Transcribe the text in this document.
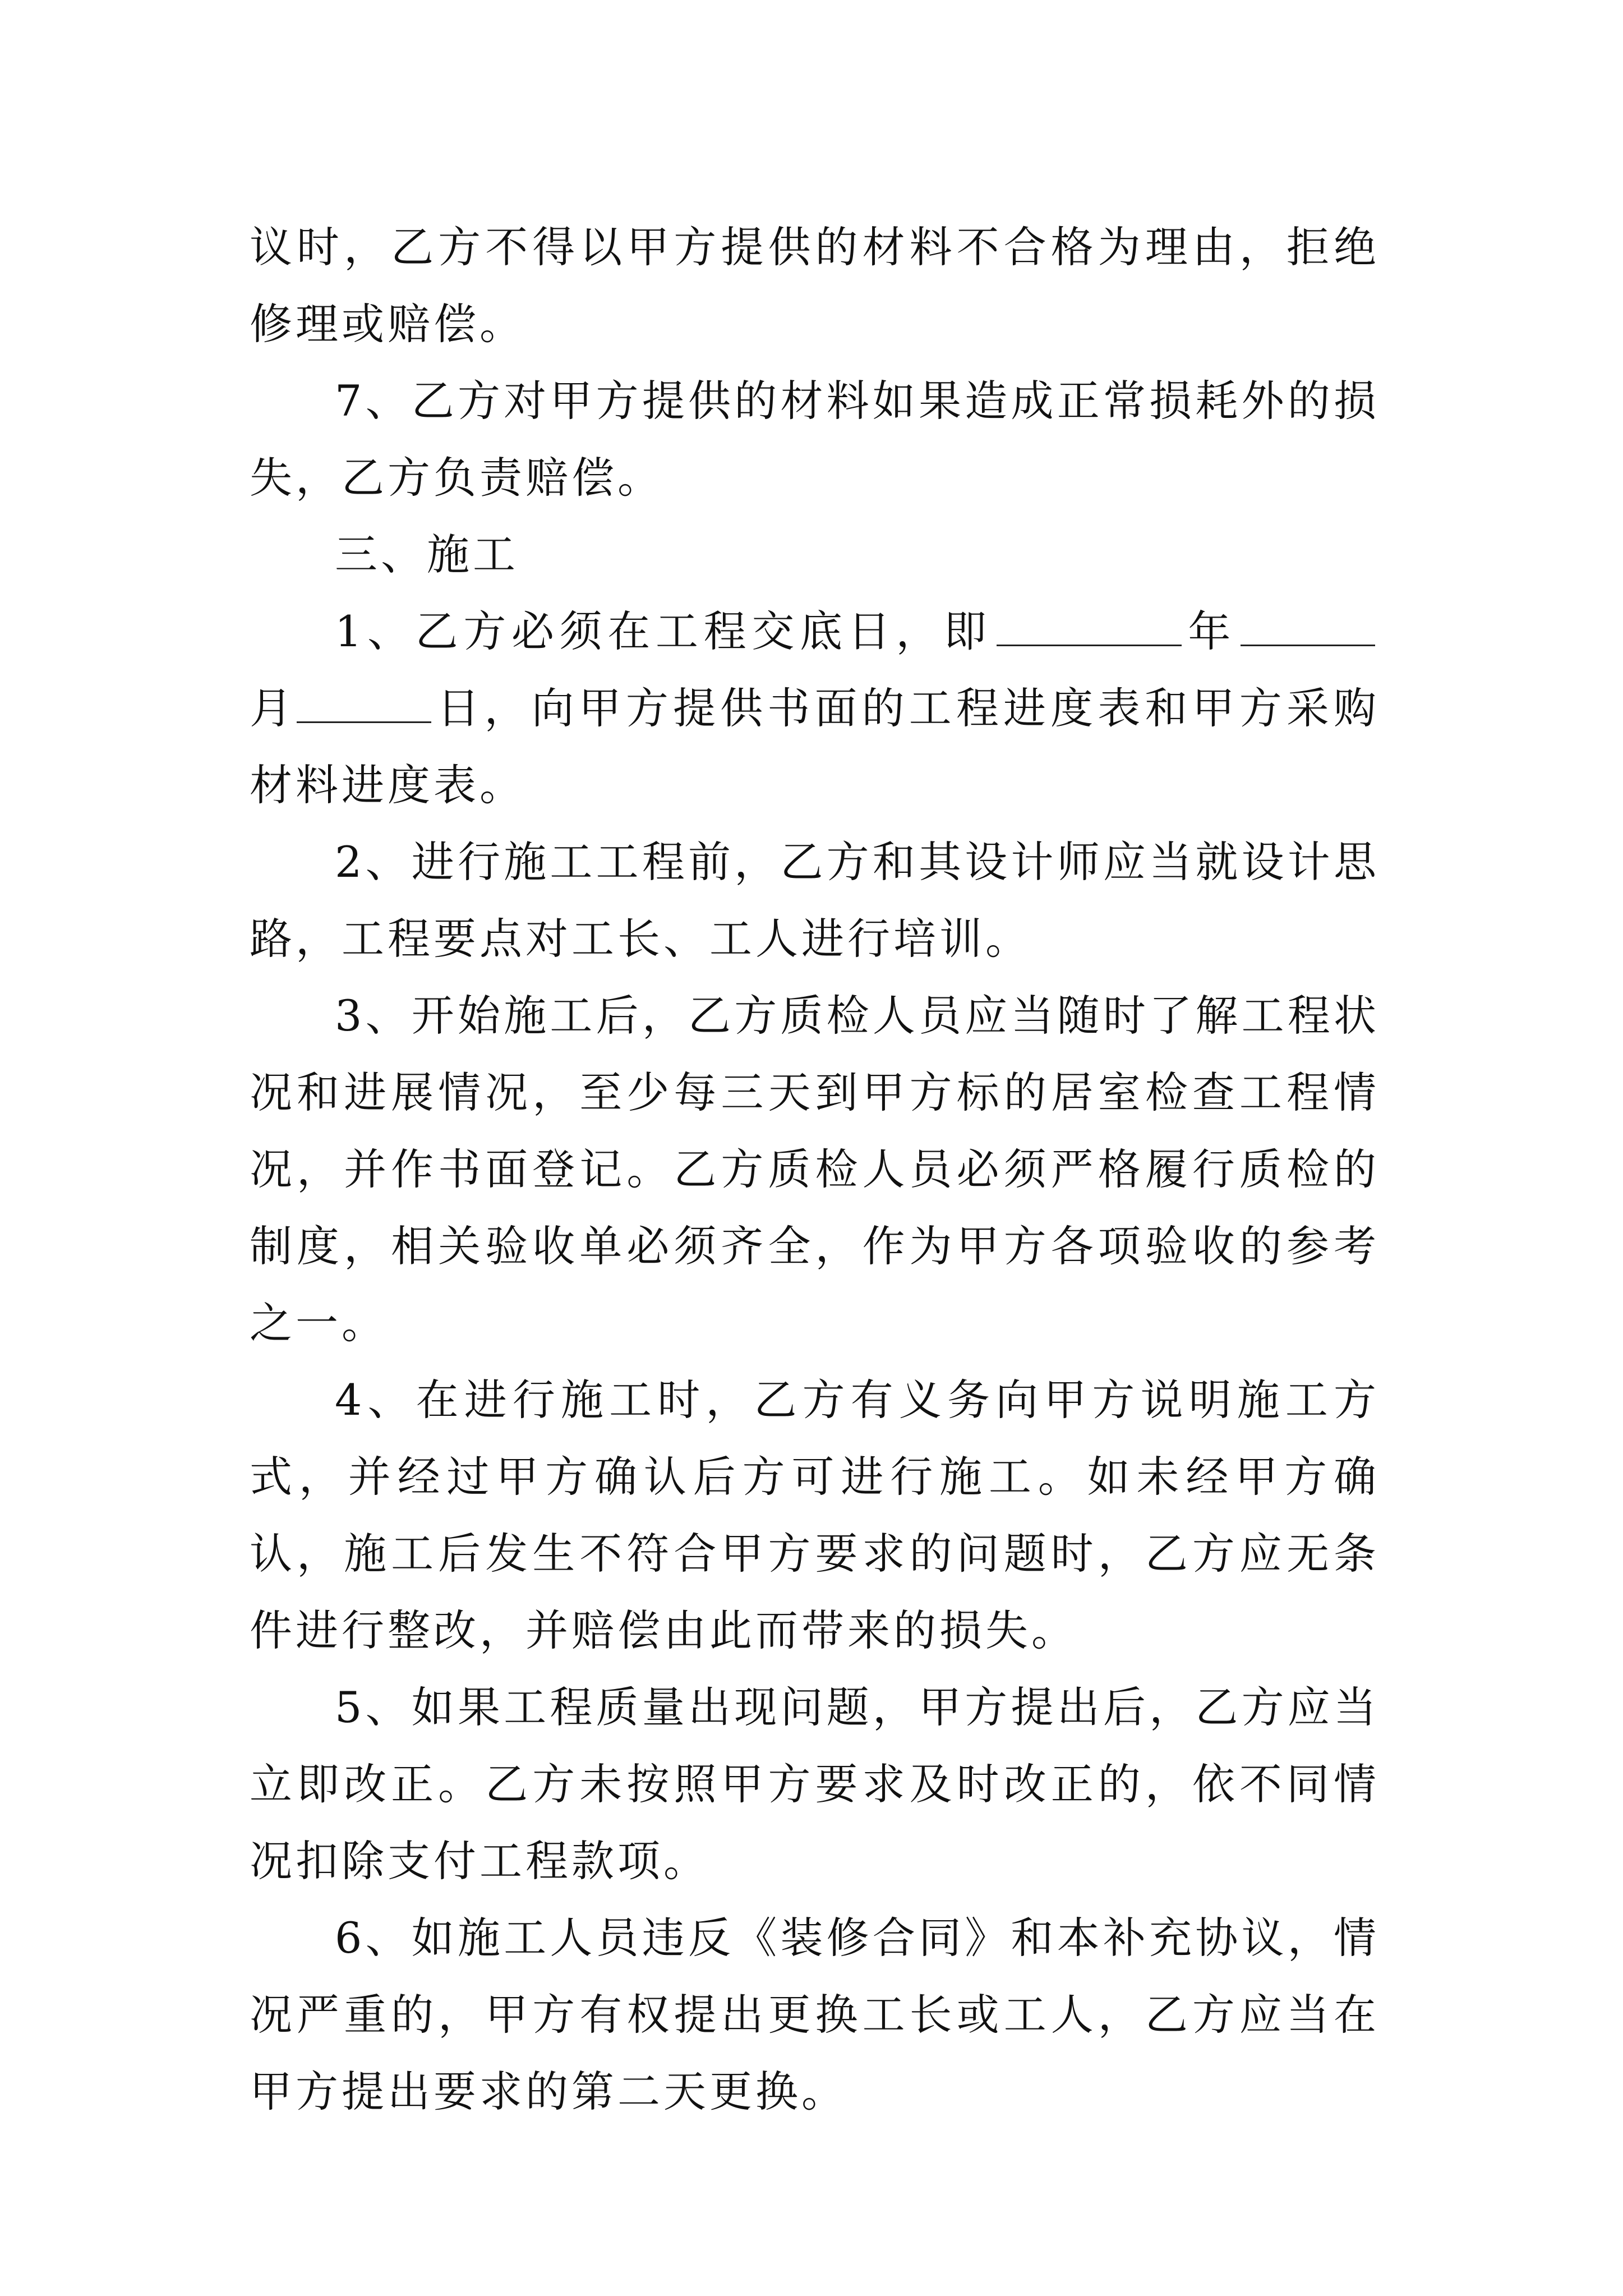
议时，乙方不得以甲方提供的材料不合格为理由，拒绝修理或赔偿。

7、乙方对甲方提供的材料如果造成正常损耗外的损失，乙方负责赔偿。

三、施工

1、乙方必须在工程交底日，即	年月	日，向甲方提供书面的工程进度表和甲方采购材料进度表。

2、进行施工工程前，乙方和其设计师应当就设计思路，工程要点对工长、工人进行培训。

3、开始施工后，乙方质检人员应当随时了解工程状况和进展情况，至少每三天到甲方标的居室检查工程情况，并作书面登记。乙方质检人员必须严格履行质检的制度，相关验收单必须齐全，作为甲方各项验收的参考之一。

4、在进行施工时，乙方有义务向甲方说明施工方式，并经过甲方确认后方可进行施工。如未经甲方确认，施工后发生不符合甲方要求的问题时，乙方应无条件进行整改，并赔偿由此而带来的损失。

5、如果工程质量出现问题，甲方提出后，乙方应当立即改正。乙方未按照甲方要求及时改正的，依不同情况扣除支付工程款项。

6、如施工人员违反《装修合同》和本补充协议，情况严重的，甲方有权提出更换工长或工人，乙方应当在甲方提出要求的第二天更换。
